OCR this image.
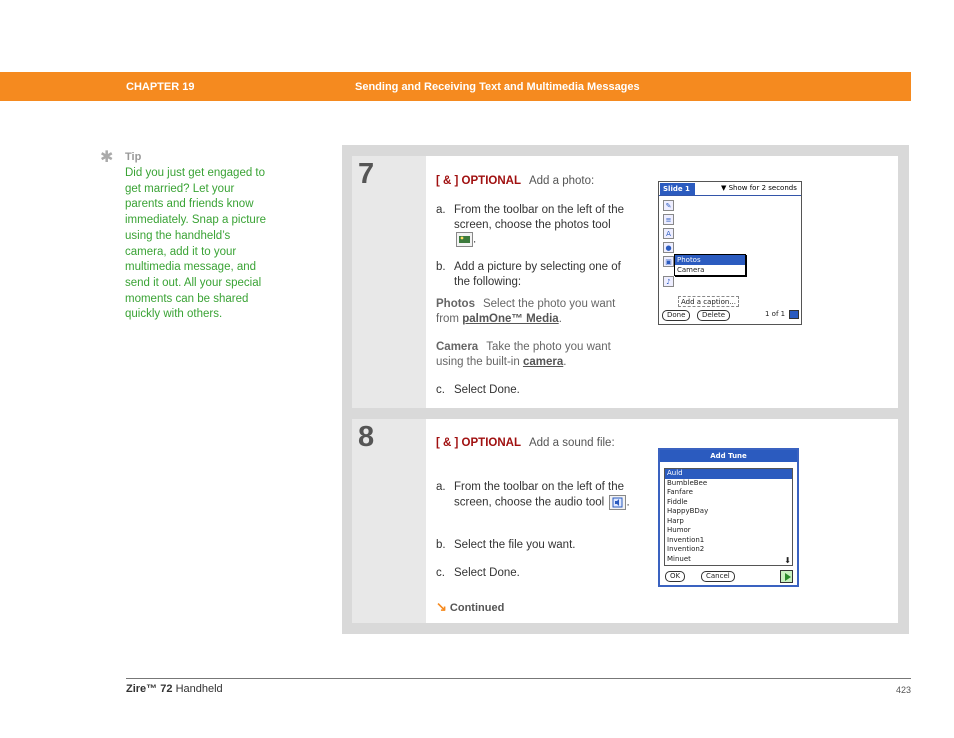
CHAPTER 19	Sending and Receiving Text and Multimedia Messages
✱ Tip
Did you just get engaged to get married? Let your parents and friends know immediately. Snap a picture using the handheld’s camera, add it to your multimedia message, and send it out. All your special moments can be shared quickly with others.
7	[ & ] OPTIONAL Add a photo:
a. From the toolbar on the left of the screen, choose the photos tool .
b. Add a picture by selecting one of the following:
Photos Select the photo you want from palmOne™ Media.
Camera Take the photo you want using the built-in camera.
c. Select Done.
Slide 1	▼ Show for 2 seconds
✎
≡
A
●
▣
♪
Photos
Camera
Add a caption...
Done	Delete	1 of 1
8	[ & ] OPTIONAL Add a sound file:
a. From the toolbar on the left of the screen, choose the audio tool .
b. Select the file you want.
c. Select Done.
↘ Continued
Add Tune
Auld
BumbleBee
Fanfare
Fiddle
HappyBDay
Harp
Humor
Invention1
Invention2
Minuet	⬇
OK	Cancel
Zire™ 72 Handheld	423
